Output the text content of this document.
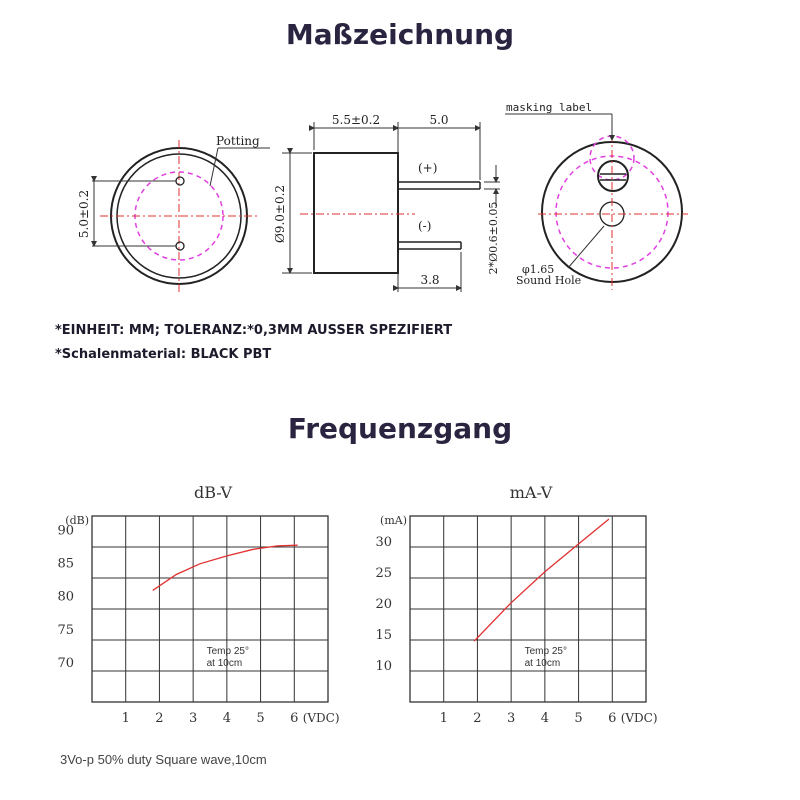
Maßzeichnung
Frequenzgang
*EINHEIT: MM; TOLERANZ:*0,3MM AUSSER SPEZIFIERT
*Schalenmaterial: BLACK PBT
Potting
5.0±0.2
5.5±0.2	5.0
Ø9.0±0.2
(+)
(-)
3.8
2*Ø0.6±0.05
masking label
φ1.65
Sound Hole
dB-V
(dB)
90
85
80
75
70
1 2 3 4 5 6 (VDC)
Temp 25°
at 10cm
mA-V
(mA)
30
25
20
15
10
1 2 3 4 5 6 (VDC)
Temp 25°
at 10cm
3Vo-p 50% duty Square wave,10cm
